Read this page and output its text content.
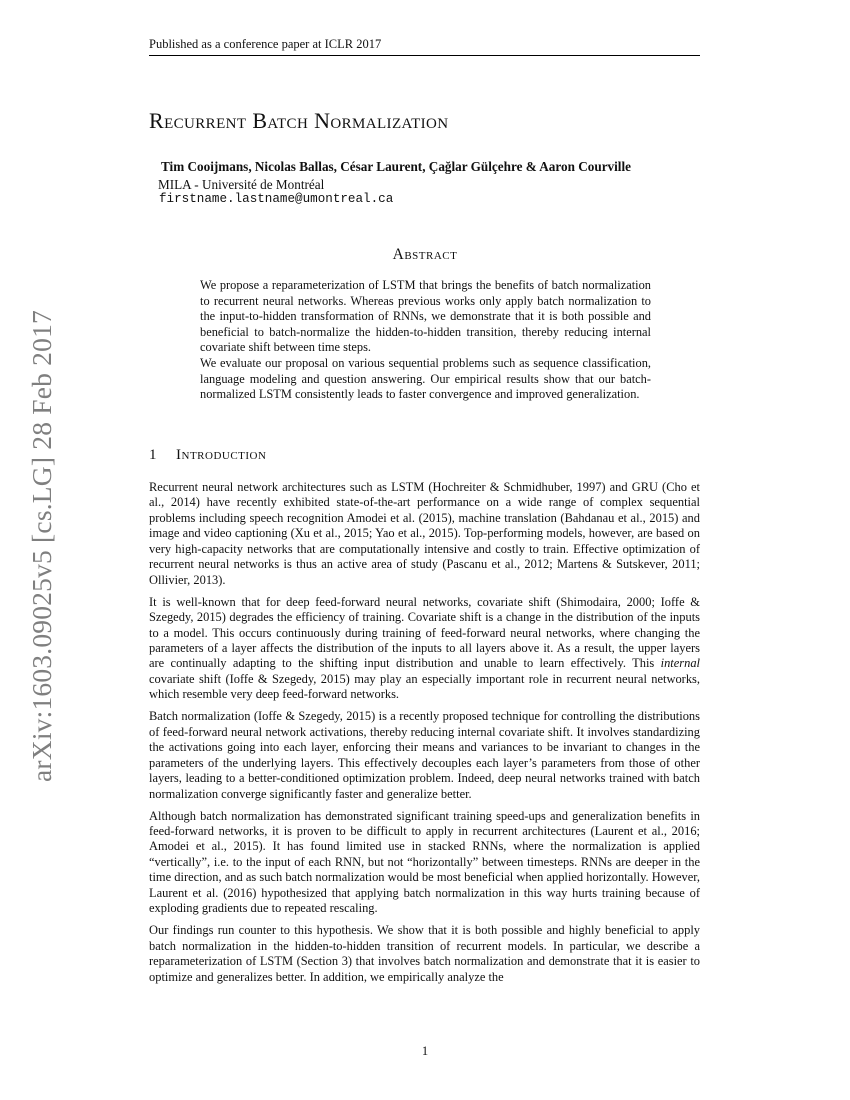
Published as a conference paper at ICLR 2017
arXiv:1603.09025v5 [cs.LG] 28 Feb 2017
Recurrent Batch Normalization
Tim Cooijmans, Nicolas Ballas, César Laurent, Çağlar Gülçehre & Aaron Courville
MILA - Université de Montréal
firstname.lastname@umontreal.ca
Abstract

We propose a reparameterization of LSTM that brings the benefits of batch normalization to recurrent neural networks. Whereas previous works only apply batch normalization to the input-to-hidden transformation of RNNs, we demonstrate that it is both possible and beneficial to batch-normalize the hidden-to-hidden transition, thereby reducing internal covariate shift between time steps.

We evaluate our proposal on various sequential problems such as sequence classification, language modeling and question answering. Our empirical results show that our batch-normalized LSTM consistently leads to faster convergence and improved generalization.

1 Introduction

Recurrent neural network architectures such as LSTM (Hochreiter & Schmidhuber, 1997) and GRU (Cho et al., 2014) have recently exhibited state-of-the-art performance on a wide range of complex sequential problems including speech recognition Amodei et al. (2015), machine translation (Bahdanau et al., 2015) and image and video captioning (Xu et al., 2015; Yao et al., 2015). Top-performing models, however, are based on very high-capacity networks that are computationally intensive and costly to train. Effective optimization of recurrent neural networks is thus an active area of study (Pascanu et al., 2012; Martens & Sutskever, 2011; Ollivier, 2013).

It is well-known that for deep feed-forward neural networks, covariate shift (Shimodaira, 2000; Ioffe & Szegedy, 2015) degrades the efficiency of training. Covariate shift is a change in the distribution of the inputs to a model. This occurs continuously during training of feed-forward neural networks, where changing the parameters of a layer affects the distribution of the inputs to all layers above it. As a result, the upper layers are continually adapting to the shifting input distribution and unable to learn effectively. This internal covariate shift (Ioffe & Szegedy, 2015) may play an especially important role in recurrent neural networks, which resemble very deep feed-forward networks.

Batch normalization (Ioffe & Szegedy, 2015) is a recently proposed technique for controlling the distributions of feed-forward neural network activations, thereby reducing internal covariate shift. It involves standardizing the activations going into each layer, enforcing their means and variances to be invariant to changes in the parameters of the underlying layers. This effectively decouples each layer’s parameters from those of other layers, leading to a better-conditioned optimization problem. Indeed, deep neural networks trained with batch normalization converge significantly faster and generalize better.

Although batch normalization has demonstrated significant training speed-ups and generalization benefits in feed-forward networks, it is proven to be difficult to apply in recurrent architectures (Laurent et al., 2016; Amodei et al., 2015). It has found limited use in stacked RNNs, where the normalization is applied “vertically”, i.e. to the input of each RNN, but not “horizontally” between timesteps. RNNs are deeper in the time direction, and as such batch normalization would be most beneficial when applied horizontally. However, Laurent et al. (2016) hypothesized that applying batch normalization in this way hurts training because of exploding gradients due to repeated rescaling.

Our findings run counter to this hypothesis. We show that it is both possible and highly beneficial to apply batch normalization in the hidden-to-hidden transition of recurrent models. In particular, we describe a reparameterization of LSTM (Section 3) that involves batch normalization and demonstrate that it is easier to optimize and generalizes better. In addition, we empirically analyze the

1
